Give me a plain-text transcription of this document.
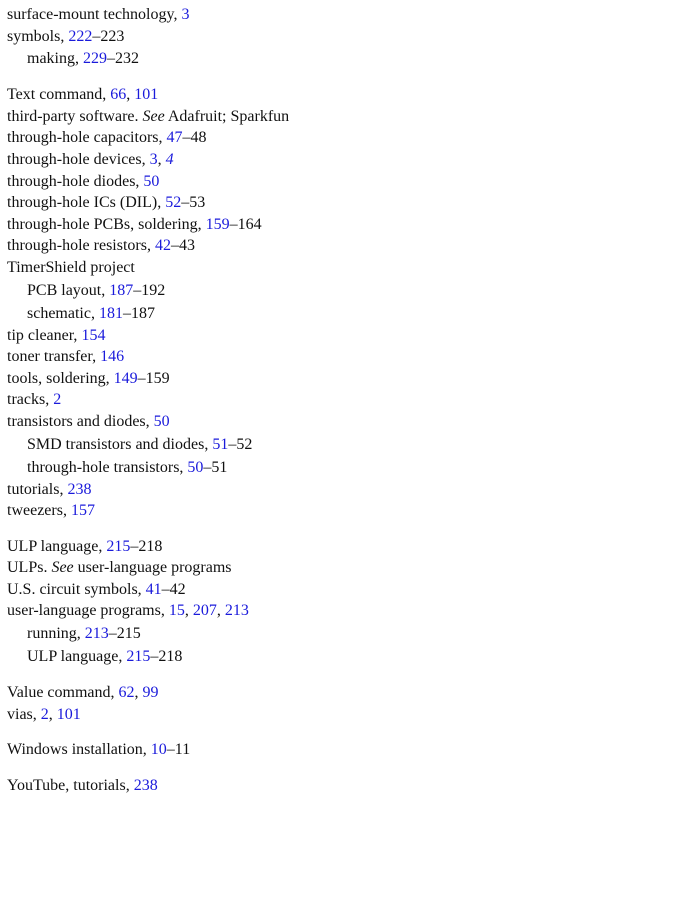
surface-mount technology, 3
symbols, 222–223
making, 229–232
Text command, 66, 101
third-party software. See Adafruit; Sparkfun
through-hole capacitors, 47–48
through-hole devices, 3, 4
through-hole diodes, 50
through-hole ICs (DIL), 52–53
through-hole PCBs, soldering, 159–164
through-hole resistors, 42–43
TimerShield project
PCB layout, 187–192
schematic, 181–187
tip cleaner, 154
toner transfer, 146
tools, soldering, 149–159
tracks, 2
transistors and diodes, 50
SMD transistors and diodes, 51–52
through-hole transistors, 50–51
tutorials, 238
tweezers, 157
ULP language, 215–218
ULPs. See user-language programs
U.S. circuit symbols, 41–42
user-language programs, 15, 207, 213
running, 213–215
ULP language, 215–218
Value command, 62, 99
vias, 2, 101
Windows installation, 10–11
YouTube, tutorials, 238
